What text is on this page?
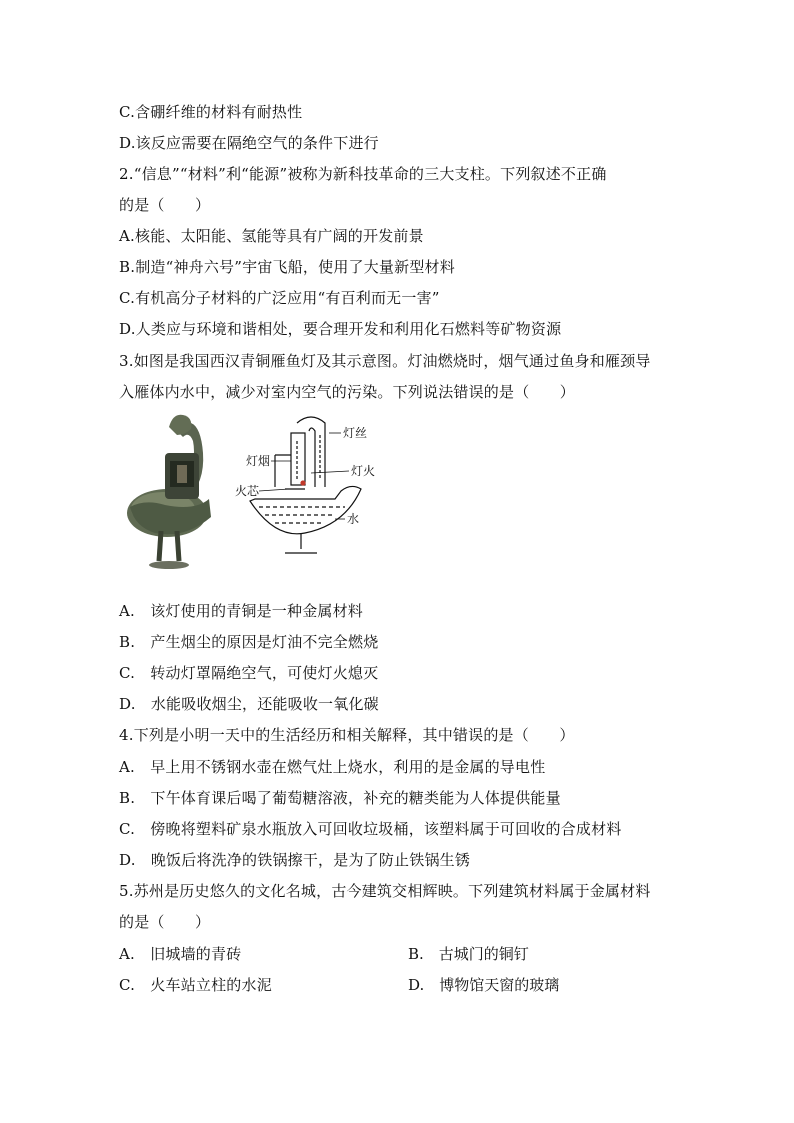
C.含硼纤维的材料有耐热性
D.该反应需要在隔绝空气的条件下进行
2.“信息”“材料”利“能源”被称为新科技革命的三大支柱。下列叙述不正确
的是（　　）
A.核能、太阳能、氢能等具有广阔的开发前景
B.制造“神舟六号”宇宙飞船，使用了大量新型材料
C.有机高分子材料的广泛应用“有百利而无一害”
D.人类应与环境和谐相处，要合理开发和利用化石燃料等矿物资源
3.如图是我国西汉青铜雁鱼灯及其示意图。灯油燃烧时，烟气通过鱼身和雁颈导
入雁体内水中，减少对室内空气的污染。下列说法错误的是（　　）
灯丝
灯烟
灯火
火芯
水
A.　该灯使用的青铜是一种金属材料
B.　产生烟尘的原因是灯油不完全燃烧
C.　转动灯罩隔绝空气，可使灯火熄灭
D.　水能吸收烟尘，还能吸收一氧化碳
4.下列是小明一天中的生活经历和相关解释，其中错误的是（　　）
A.　早上用不锈钢水壶在燃气灶上烧水，利用的是金属的导电性
B.　下午体育课后喝了葡萄糖溶液，补充的糖类能为人体提供能量
C.　傍晚将塑料矿泉水瓶放入可回收垃圾桶，该塑料属于可回收的合成材料
D.　晚饭后将洗净的铁锅擦干，是为了防止铁锅生锈
5.苏州是历史悠久的文化名城，古今建筑交相辉映。下列建筑材料属于金属材料
的是（　　）
A.　旧城墙的青砖	B.　古城门的铜钉
C.　火车站立柱的水泥	D.　博物馆天窗的玻璃
